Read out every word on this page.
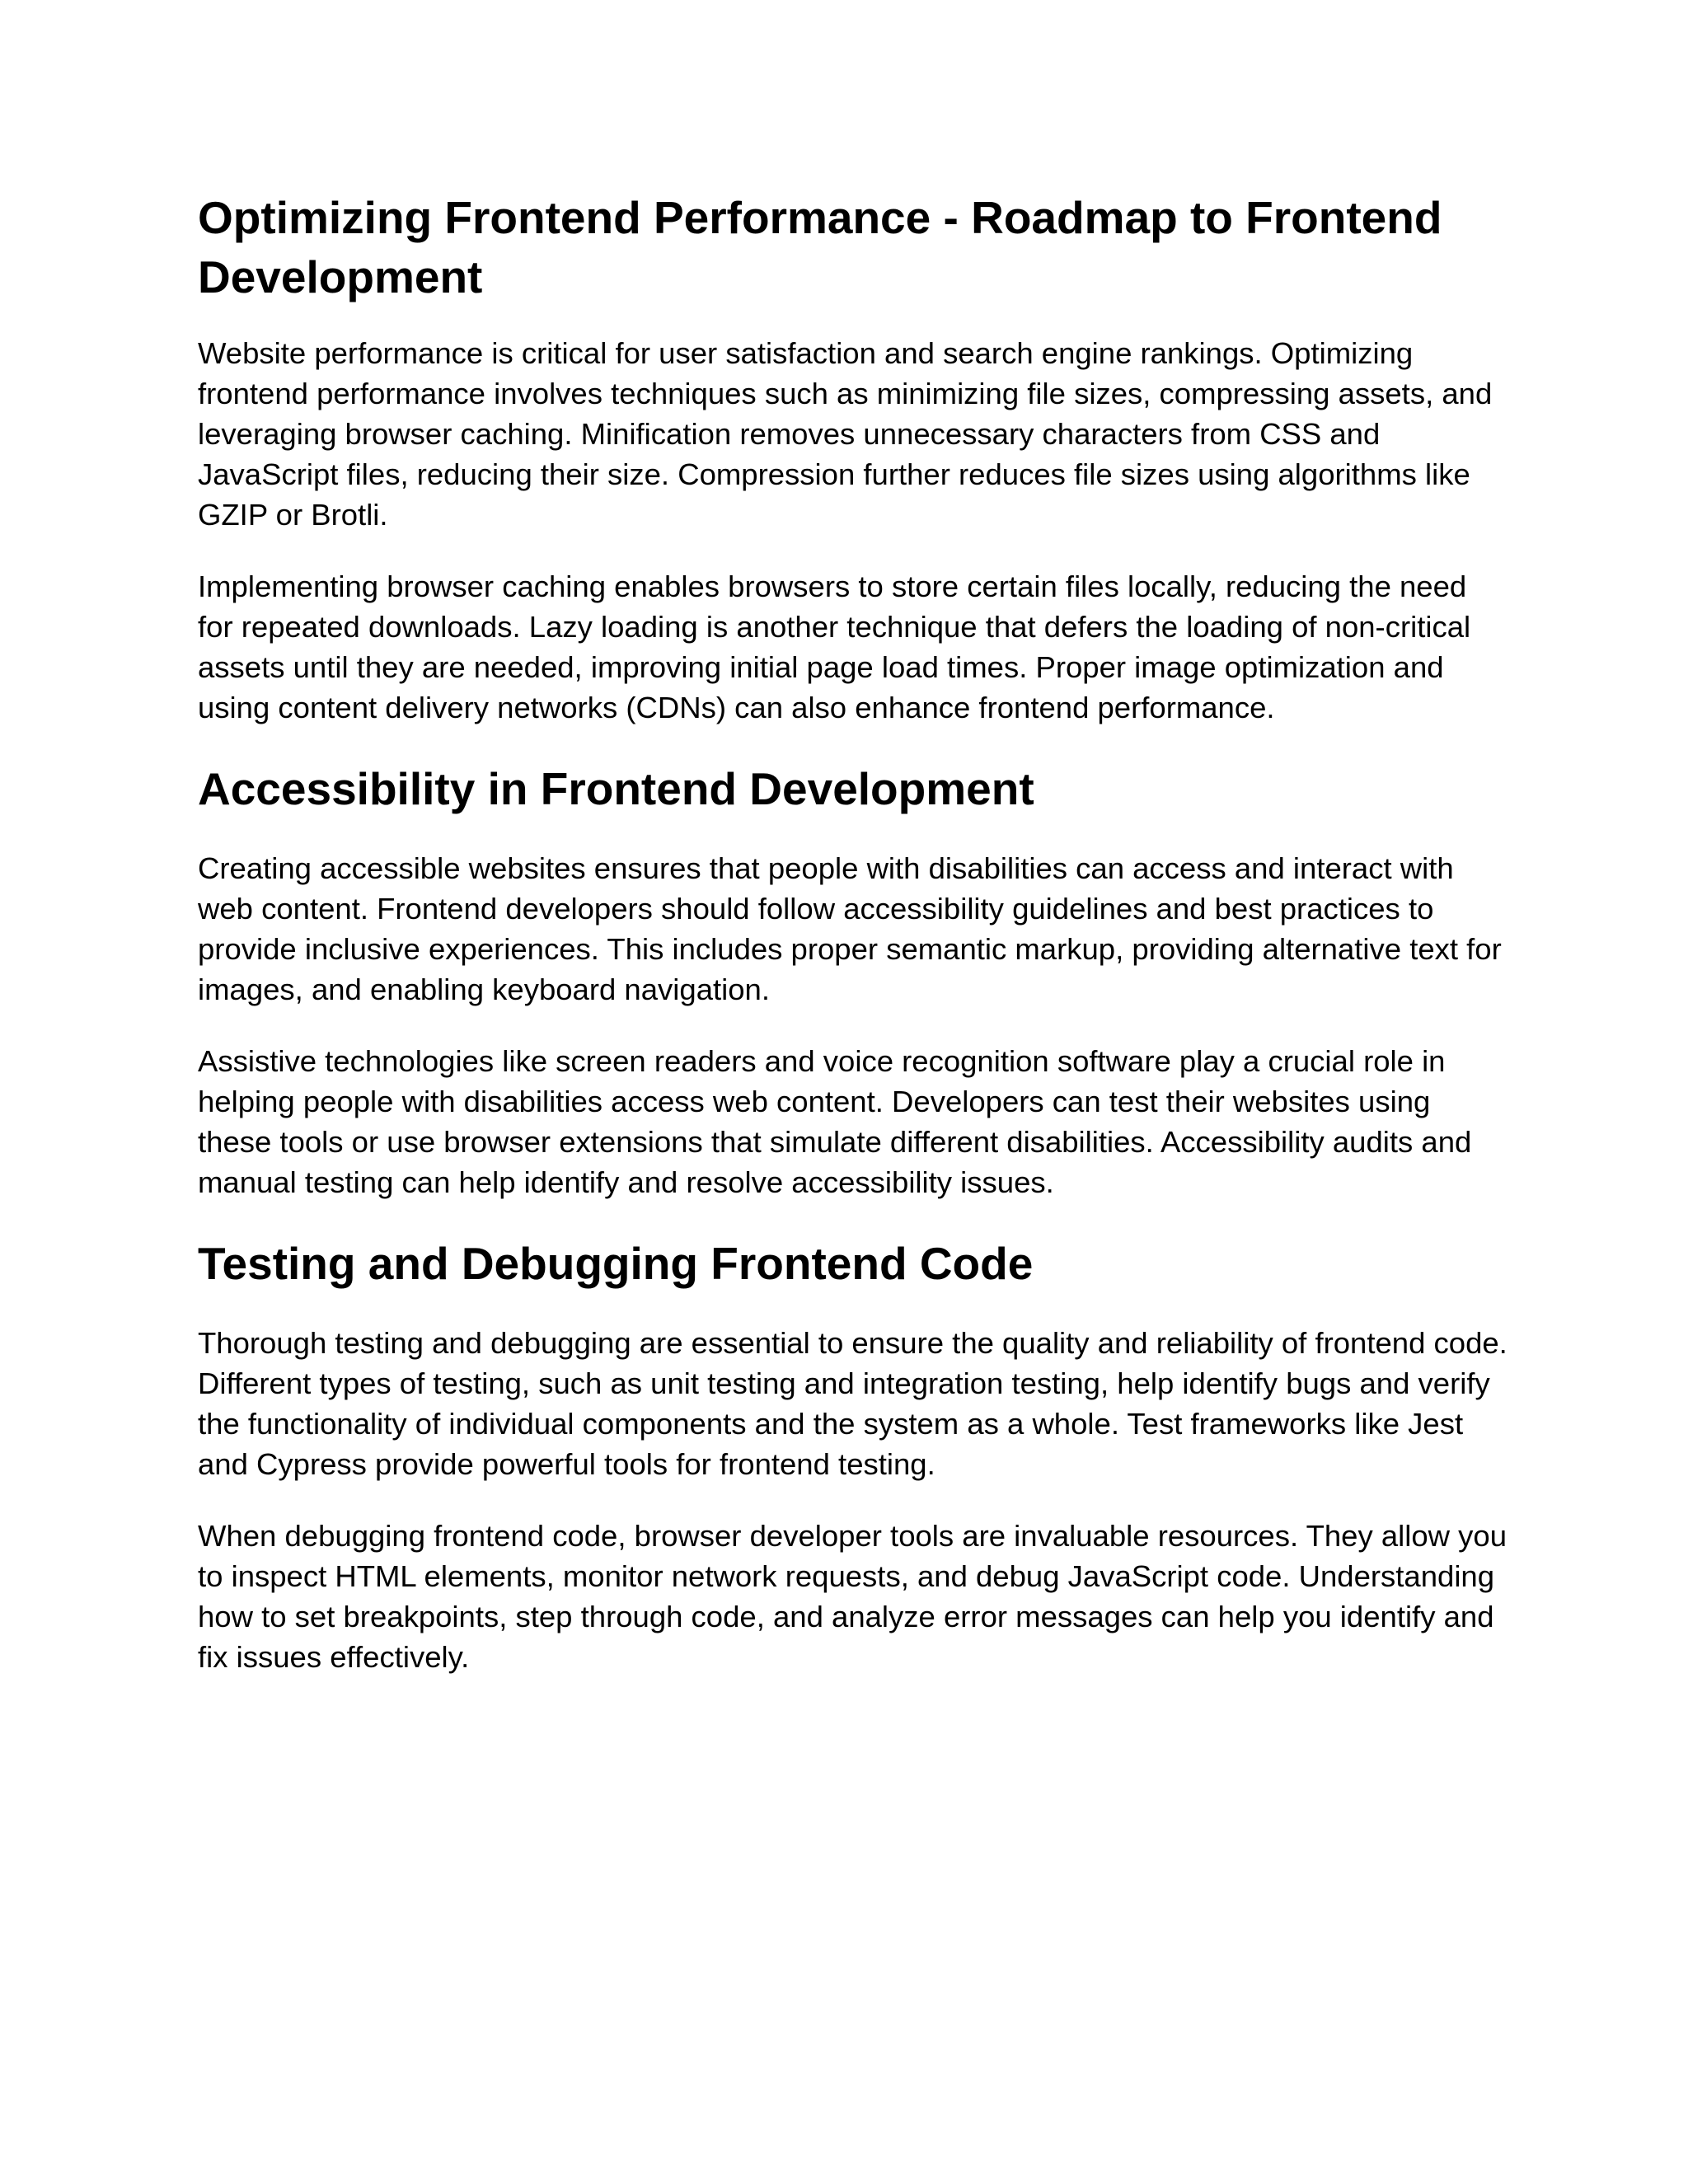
Optimizing Frontend Performance - Roadmap to Frontend Development

Website performance is critical for user satisfaction and search engine rankings. Optimizing frontend performance involves techniques such as minimizing file sizes, compressing assets, and leveraging browser caching. Minification removes unnecessary characters from CSS and JavaScript files, reducing their size. Compression further reduces file sizes using algorithms like GZIP or Brotli.

Implementing browser caching enables browsers to store certain files locally, reducing the need for repeated downloads. Lazy loading is another technique that defers the loading of non-critical assets until they are needed, improving initial page load times. Proper image optimization and using content delivery networks (CDNs) can also enhance frontend performance.

Accessibility in Frontend Development

Creating accessible websites ensures that people with disabilities can access and interact with web content. Frontend developers should follow accessibility guidelines and best practices to provide inclusive experiences. This includes proper semantic markup, providing alternative text for images, and enabling keyboard navigation.

Assistive technologies like screen readers and voice recognition software play a crucial role in helping people with disabilities access web content. Developers can test their websites using these tools or use browser extensions that simulate different disabilities. Accessibility audits and manual testing can help identify and resolve accessibility issues.

Testing and Debugging Frontend Code

Thorough testing and debugging are essential to ensure the quality and reliability of frontend code. Different types of testing, such as unit testing and integration testing, help identify bugs and verify the functionality of individual components and the system as a whole. Test frameworks like Jest and Cypress provide powerful tools for frontend testing.

When debugging frontend code, browser developer tools are invaluable resources. They allow you to inspect HTML elements, monitor network requests, and debug JavaScript code. Understanding how to set breakpoints, step through code, and analyze error messages can help you identify and fix issues effectively.
